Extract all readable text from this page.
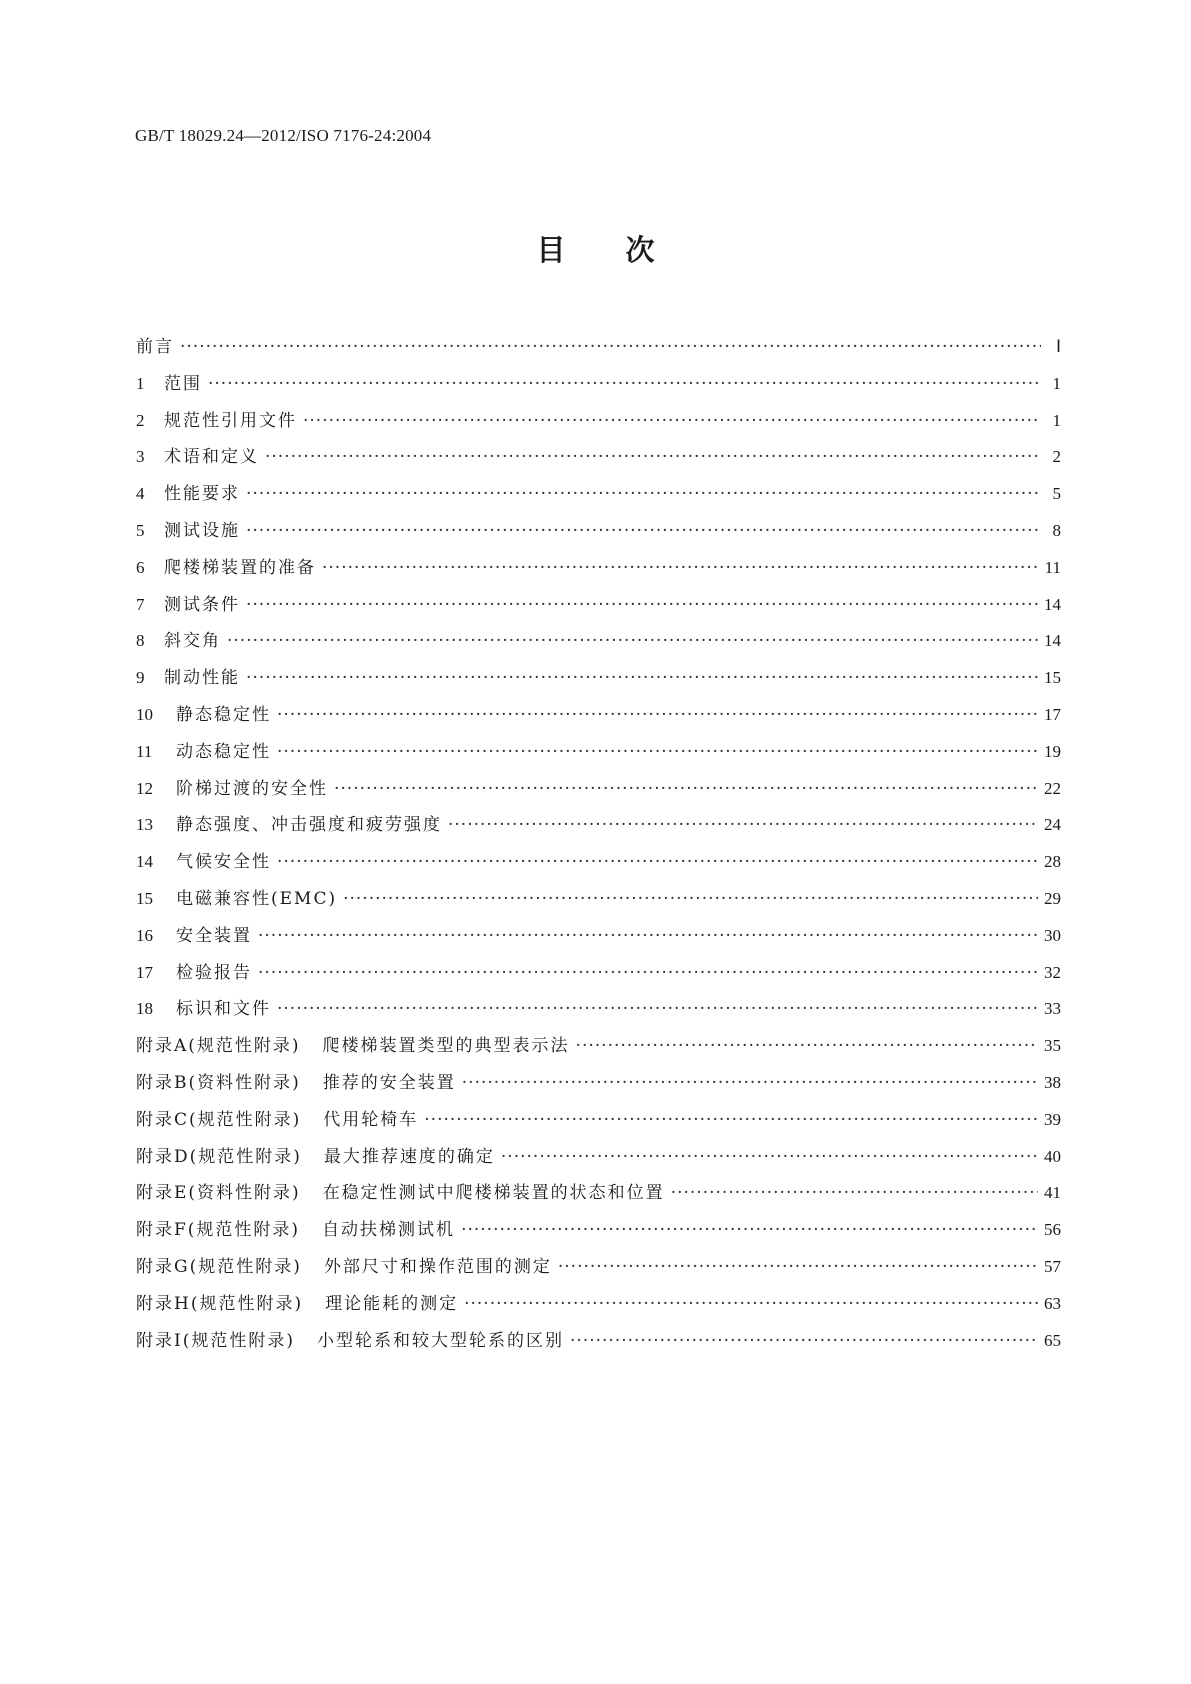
GB/T 18029.24—2012/ISO 7176-24:2004
目次
前言 ·····	Ⅰ
1	范围 ·····	1
2	规范性引用文件 ·····	1
3	术语和定义 ·····	2
4	性能要求 ·····	5
5	测试设施 ·····	8
6	爬楼梯装置的准备 ·····	11
7	测试条件 ·····	14
8	斜交角 ·····	14
9	制动性能 ·····	15
10	静态稳定性 ·····	17
11	动态稳定性 ·····	19
12	阶梯过渡的安全性 ·····	22
13	静态强度、冲击强度和疲劳强度 ·····	24
14	气候安全性 ·····	28
15	电磁兼容性(EMC) ·····	29
16	安全装置 ·····	30
17	检验报告 ·····	32
18	标识和文件 ·····	33
附录A(规范性附录) 爬楼梯装置类型的典型表示法 ·····	35
附录B(资料性附录) 推荐的安全装置 ·····	38
附录C(规范性附录) 代用轮椅车 ·····	39
附录D(规范性附录) 最大推荐速度的确定 ·····	40
附录E(资料性附录) 在稳定性测试中爬楼梯装置的状态和位置 ·····	41
附录F(规范性附录) 自动扶梯测试机 ·····	56
附录G(规范性附录) 外部尺寸和操作范围的测定 ·····	57
附录H(规范性附录) 理论能耗的测定 ·····	63
附录I(规范性附录) 小型轮系和较大型轮系的区别 ·····	65
